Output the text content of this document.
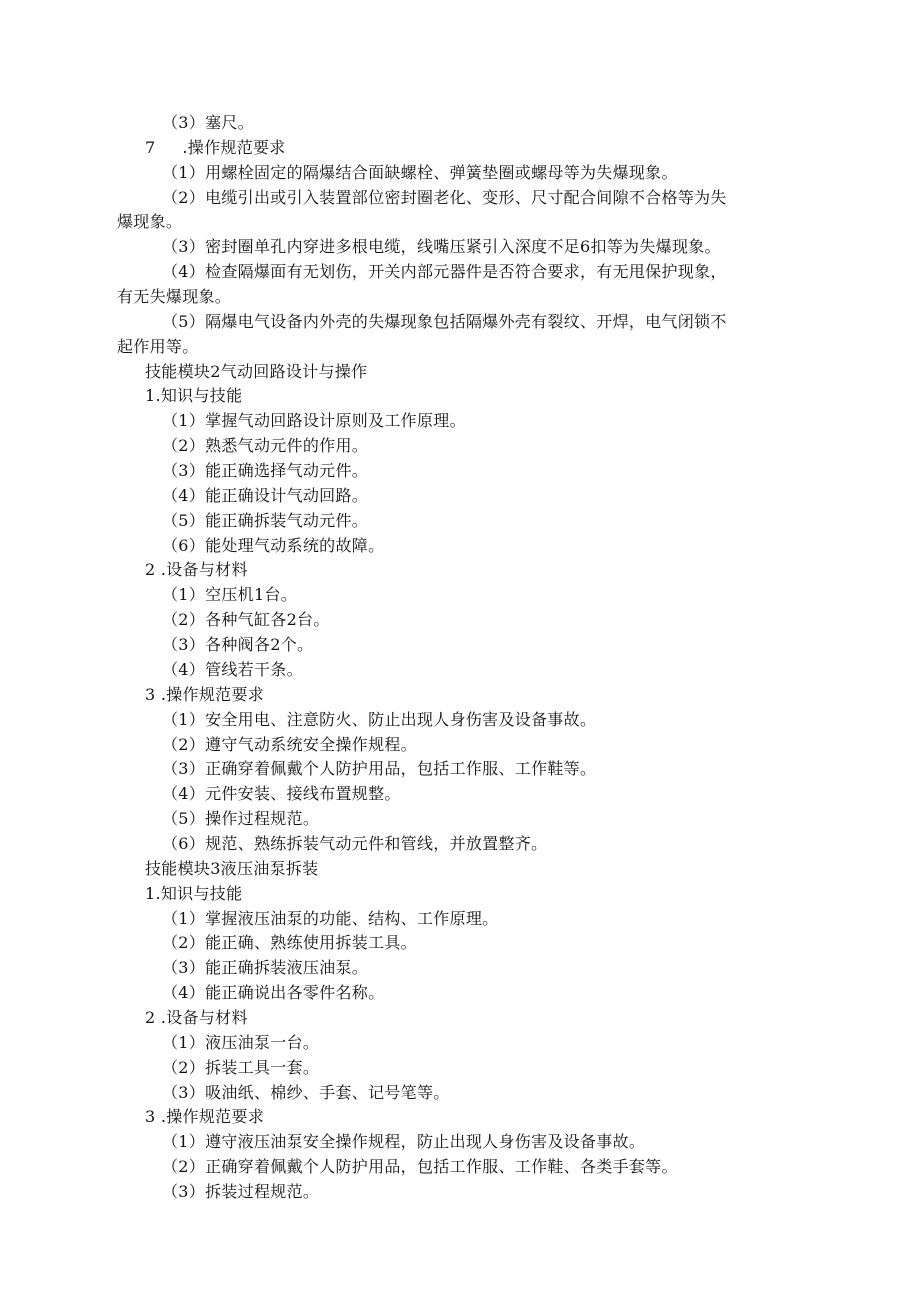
（3）塞尺。
7     .操作规范要求
（1）用螺栓固定的隔爆结合面缺螺栓、弹簧垫圈或螺母等为失爆现象。
（2）电缆引出或引入装置部位密封圈老化、变形、尺寸配合间隙不合格等为失
爆现象。
（3）密封圈单孔内穿进多根电缆，线嘴压紧引入深度不足6扣等为失爆现象。
（4）检查隔爆面有无划伤，开关内部元器件是否符合要求，有无甩保护现象，
有无失爆现象。
（5）隔爆电气设备内外壳的失爆现象包括隔爆外壳有裂纹、开焊，电气闭锁不
起作用等。
技能模块2气动回路设计与操作
1.知识与技能
（1）掌握气动回路设计原则及工作原理。
（2）熟悉气动元件的作用。
（3）能正确选择气动元件。
（4）能正确设计气动回路。
（5）能正确拆装气动元件。
（6）能处理气动系统的故障。
2 .设备与材料
（1）空压机1台。
（2）各种气缸各2台。
（3）各种阀各2个。
（4）管线若干条。
3 .操作规范要求
（1）安全用电、注意防火、防止出现人身伤害及设备事故。
（2）遵守气动系统安全操作规程。
（3）正确穿着佩戴个人防护用品，包括工作服、工作鞋等。
（4）元件安装、接线布置规整。
（5）操作过程规范。
（6）规范、熟练拆装气动元件和管线，并放置整齐。
技能模块3液压油泵拆装
1.知识与技能
（1）掌握液压油泵的功能、结构、工作原理。
（2）能正确、熟练使用拆装工具。
（3）能正确拆装液压油泵。
（4）能正确说出各零件名称。
2 .设备与材料
（1）液压油泵一台。
（2）拆装工具一套。
（3）吸油纸、棉纱、手套、记号笔等。
3 .操作规范要求
（1）遵守液压油泵安全操作规程，防止出现人身伤害及设备事故。
（2）正确穿着佩戴个人防护用品，包括工作服、工作鞋、各类手套等。
（3）拆装过程规范。
